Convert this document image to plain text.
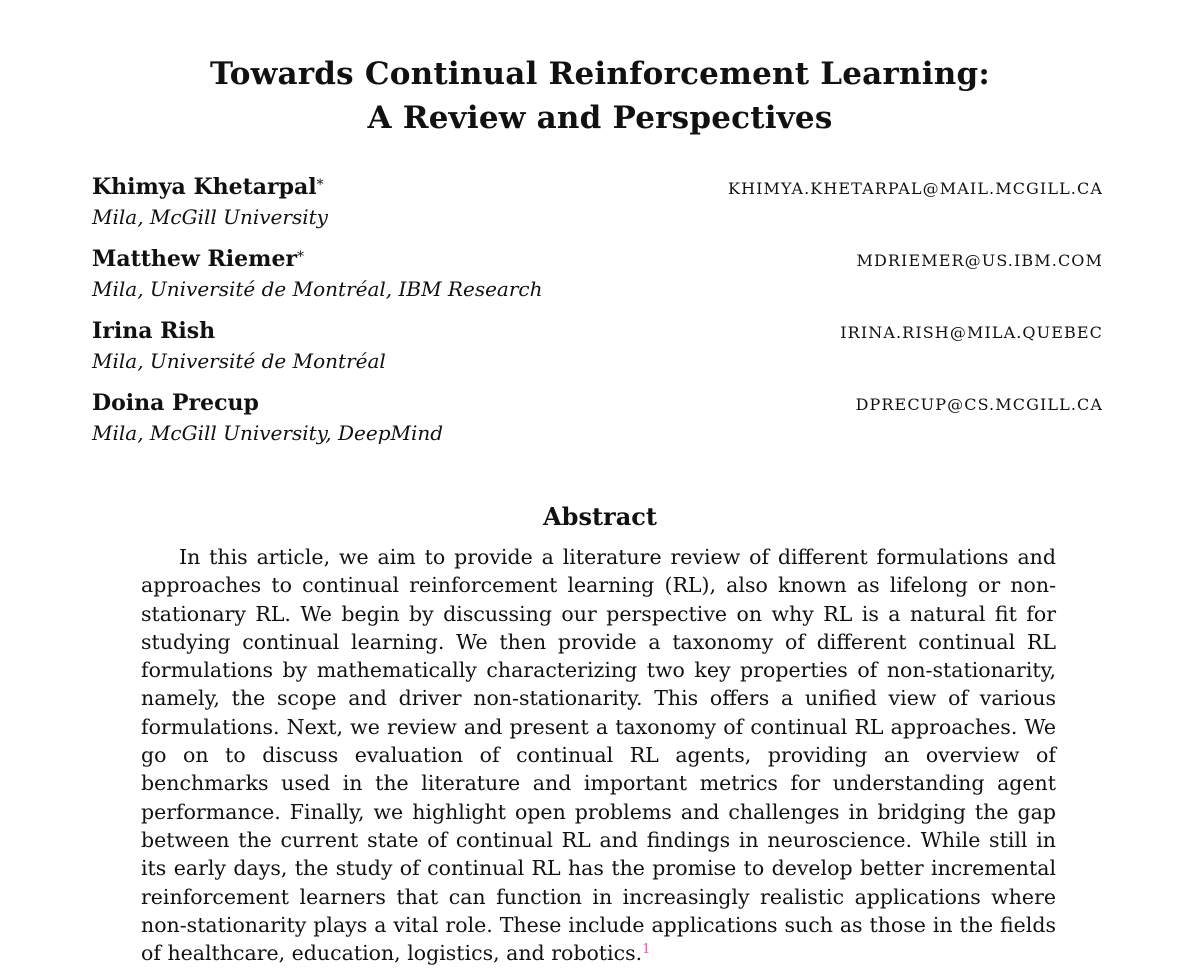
Towards Continual Reinforcement Learning:
A Review and Perspectives
Khimya Khetarpal*
Mila, McGill University
KHIMYA.KHETARPAL@MAIL.MCGILL.CA
Matthew Riemer*
Mila, Université de Montréal, IBM Research
MDRIEMER@US.IBM.COM
Irina Rish
Mila, Université de Montréal
IRINA.RISH@MILA.QUEBEC
Doina Precup
Mila, McGill University, DeepMind
DPRECUP@CS.MCGILL.CA
Abstract
In this article, we aim to provide a literature review of different formulations and approaches to continual reinforcement learning (RL), also known as lifelong or non-stationary RL. We begin by discussing our perspective on why RL is a natural fit for studying continual learning. We then provide a taxonomy of different continual RL formulations by mathematically characterizing two key properties of non-stationarity, namely, the scope and driver non-stationarity. This offers a unified view of various formulations. Next, we review and present a taxonomy of continual RL approaches. We go on to discuss evaluation of continual RL agents, providing an overview of benchmarks used in the literature and important metrics for understanding agent performance. Finally, we highlight open problems and challenges in bridging the gap between the current state of continual RL and findings in neuroscience. While still in its early days, the study of continual RL has the promise to develop better incremental reinforcement learners that can function in increasingly realistic applications where non-stationarity plays a vital role. These include applications such as those in the fields of healthcare, education, logistics, and robotics.$^1$
